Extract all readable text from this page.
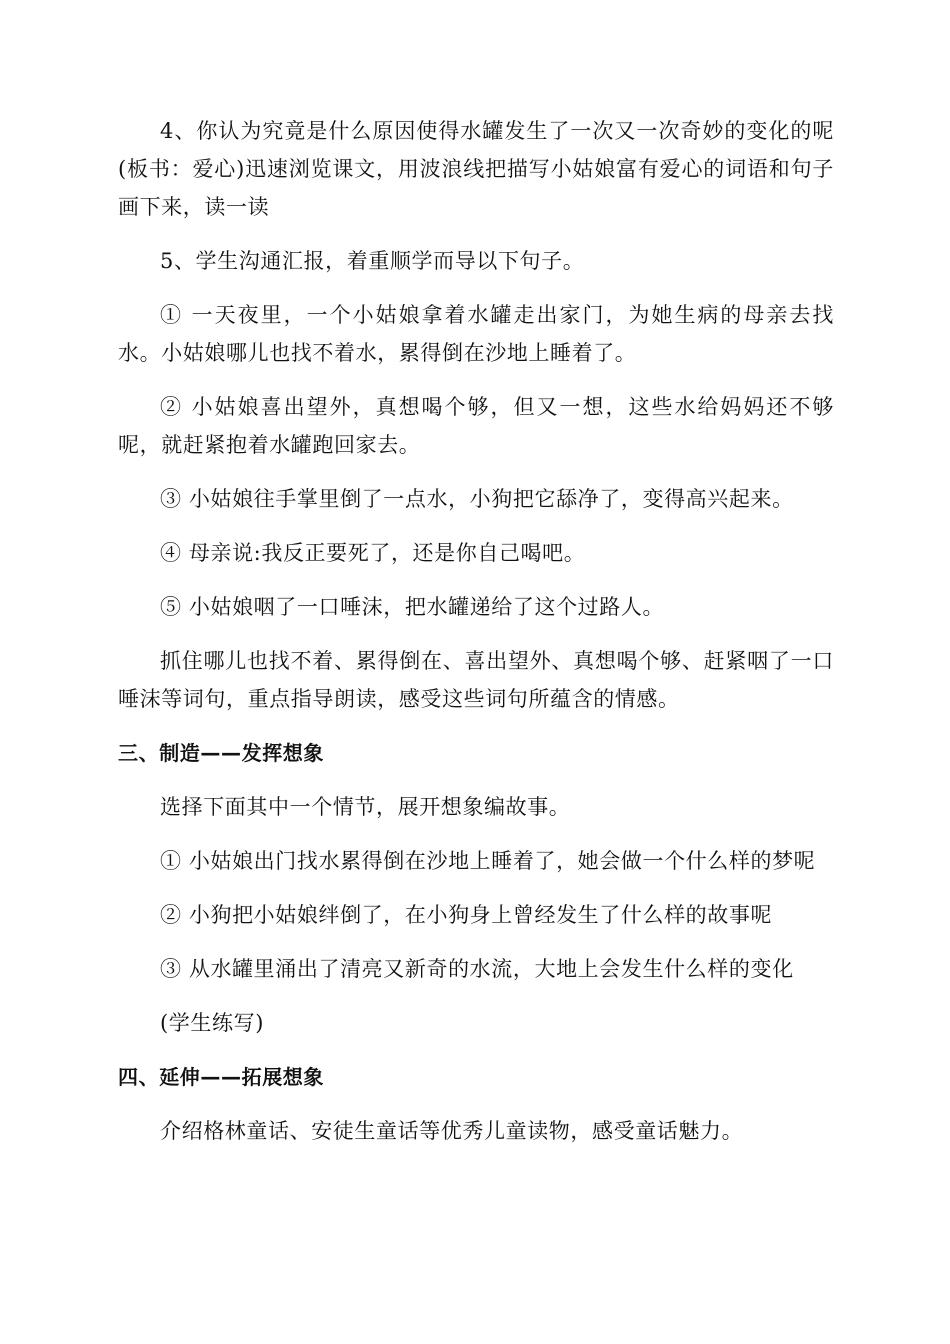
4、你认为究竟是什么原因使得水罐发生了一次又一次奇妙的变化的呢(板书：爱心)迅速浏览课文，用波浪线把描写小姑娘富有爱心的词语和句子画下来，读一读

5、学生沟通汇报，着重顺学而导以下句子。

① 一天夜里，一个小姑娘拿着水罐走出家门，为她生病的母亲去找水。小姑娘哪儿也找不着水，累得倒在沙地上睡着了。

② 小姑娘喜出望外，真想喝个够，但又一想，这些水给妈妈还不够呢，就赶紧抱着水罐跑回家去。

③ 小姑娘往手掌里倒了一点水，小狗把它舔净了，变得高兴起来。

④ 母亲说:我反正要死了，还是你自己喝吧。

⑤ 小姑娘咽了一口唾沫，把水罐递给了这个过路人。

抓住哪儿也找不着、累得倒在、喜出望外、真想喝个够、赶紧咽了一口唾沫等词句，重点指导朗读，感受这些词句所蕴含的情感。

三、制造——发挥想象

选择下面其中一个情节，展开想象编故事。

① 小姑娘出门找水累得倒在沙地上睡着了，她会做一个什么样的梦呢

② 小狗把小姑娘绊倒了，在小狗身上曾经发生了什么样的故事呢

③ 从水罐里涌出了清亮又新奇的水流，大地上会发生什么样的变化

(学生练写)

四、延伸——拓展想象

介绍格林童话、安徒生童话等优秀儿童读物，感受童话魅力。
